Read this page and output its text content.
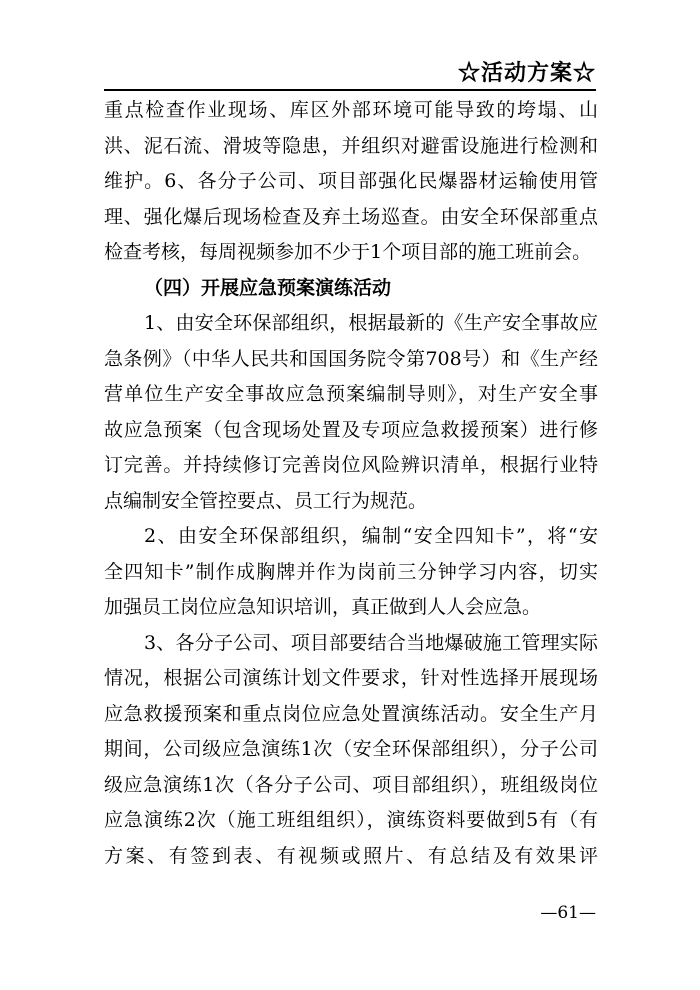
☆活动方案☆
重点检查作业现场、库区外部环境可能导致的垮塌、山
洪、泥石流、滑坡等隐患，并组织对避雷设施进行检测和
维护。6、各分子公司、项目部强化民爆器材运输使用管
理、强化爆后现场检查及弃土场巡查。由安全环保部重点
检查考核，每周视频参加不少于1个项目部的施工班前会。
（四）开展应急预案演练活动
1、由安全环保部组织，根据最新的《生产安全事故应
急条例》（中华人民共和国国务院令第708号）和《生产经
营单位生产安全事故应急预案编制导则》，对生产安全事
故应急预案（包含现场处置及专项应急救援预案）进行修
订完善。并持续修订完善岗位风险辨识清单，根据行业特
点编制安全管控要点、员工行为规范。
2、由安全环保部组织，编制“安全四知卡”，将“安
全四知卡”制作成胸牌并作为岗前三分钟学习内容，切实
加强员工岗位应急知识培训，真正做到人人会应急。
3、各分子公司、项目部要结合当地爆破施工管理实际
情况，根据公司演练计划文件要求，针对性选择开展现场
应急救援预案和重点岗位应急处置演练活动。安全生产月
期间，公司级应急演练1次（安全环保部组织），分子公司
级应急演练1次（各分子公司、项目部组织），班组级岗位
应急演练2次（施工班组组织），演练资料要做到5有（有
方案、有签到表、有视频或照片、有总结及有效果评
—61—
